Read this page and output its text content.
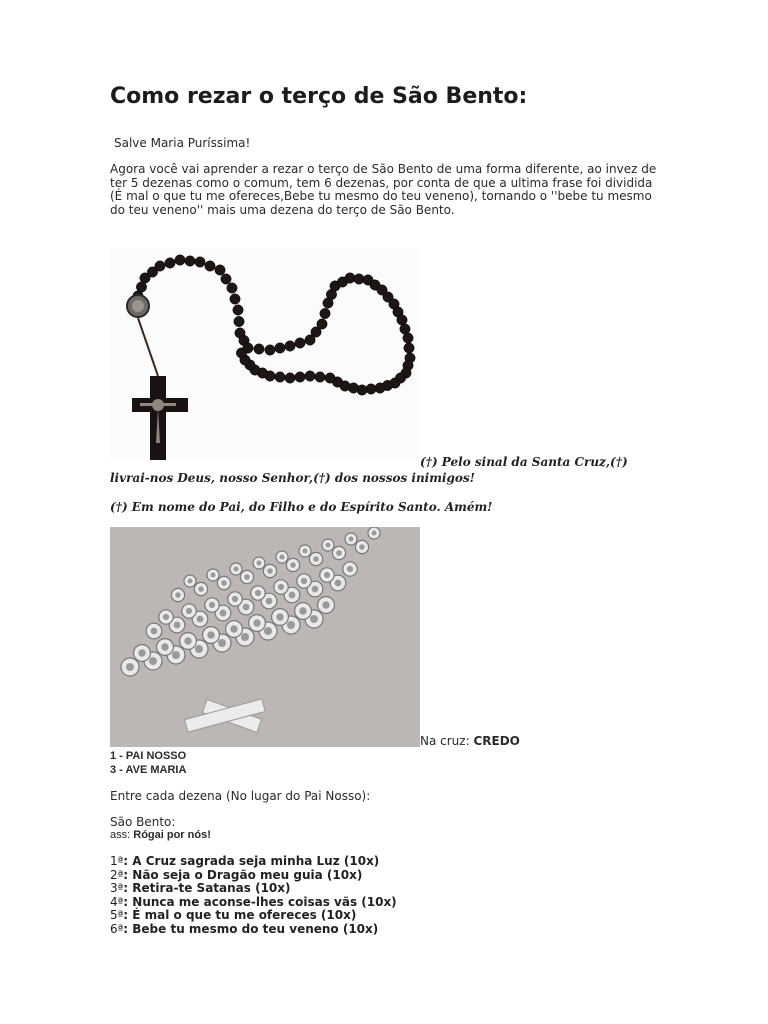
Como rezar o terço de São Bento:
Salve Maria Puríssima!
Agora você vai aprender a rezar o terço de São Bento de uma forma diferente, ao invez de ter 5 dezenas como o comum, tem 6 dezenas, por conta de que a ultima frase foi dividida (É mal o que tu me ofereces,Bebe tu mesmo do teu veneno), tornando o ''bebe tu mesmo do teu veneno'' mais uma dezena do terço de São Bento.
(†) Pelo sinal da Santa Cruz,(†)
livrai-nos Deus, nosso Senhor,(†) dos nossos inimigos!
(†) Em nome do Pai, do Filho e do Espírito Santo. Amém!
Na cruz: CREDO
1 - PAI NOSSO
3 - AVE MARIA
Entre cada dezena (No lugar do Pai Nosso):
São Bento:
ass: Rógai por nós!
1ª: A Cruz sagrada seja minha Luz (10x)
2ª: Não seja o Dragão meu guia (10x)
3ª: Retira-te Satanas (10x)
4ª: Nunca me aconse-lhes coisas vãs (10x)
5ª: É mal o que tu me ofereces (10x)
6ª: Bebe tu mesmo do teu veneno (10x)
